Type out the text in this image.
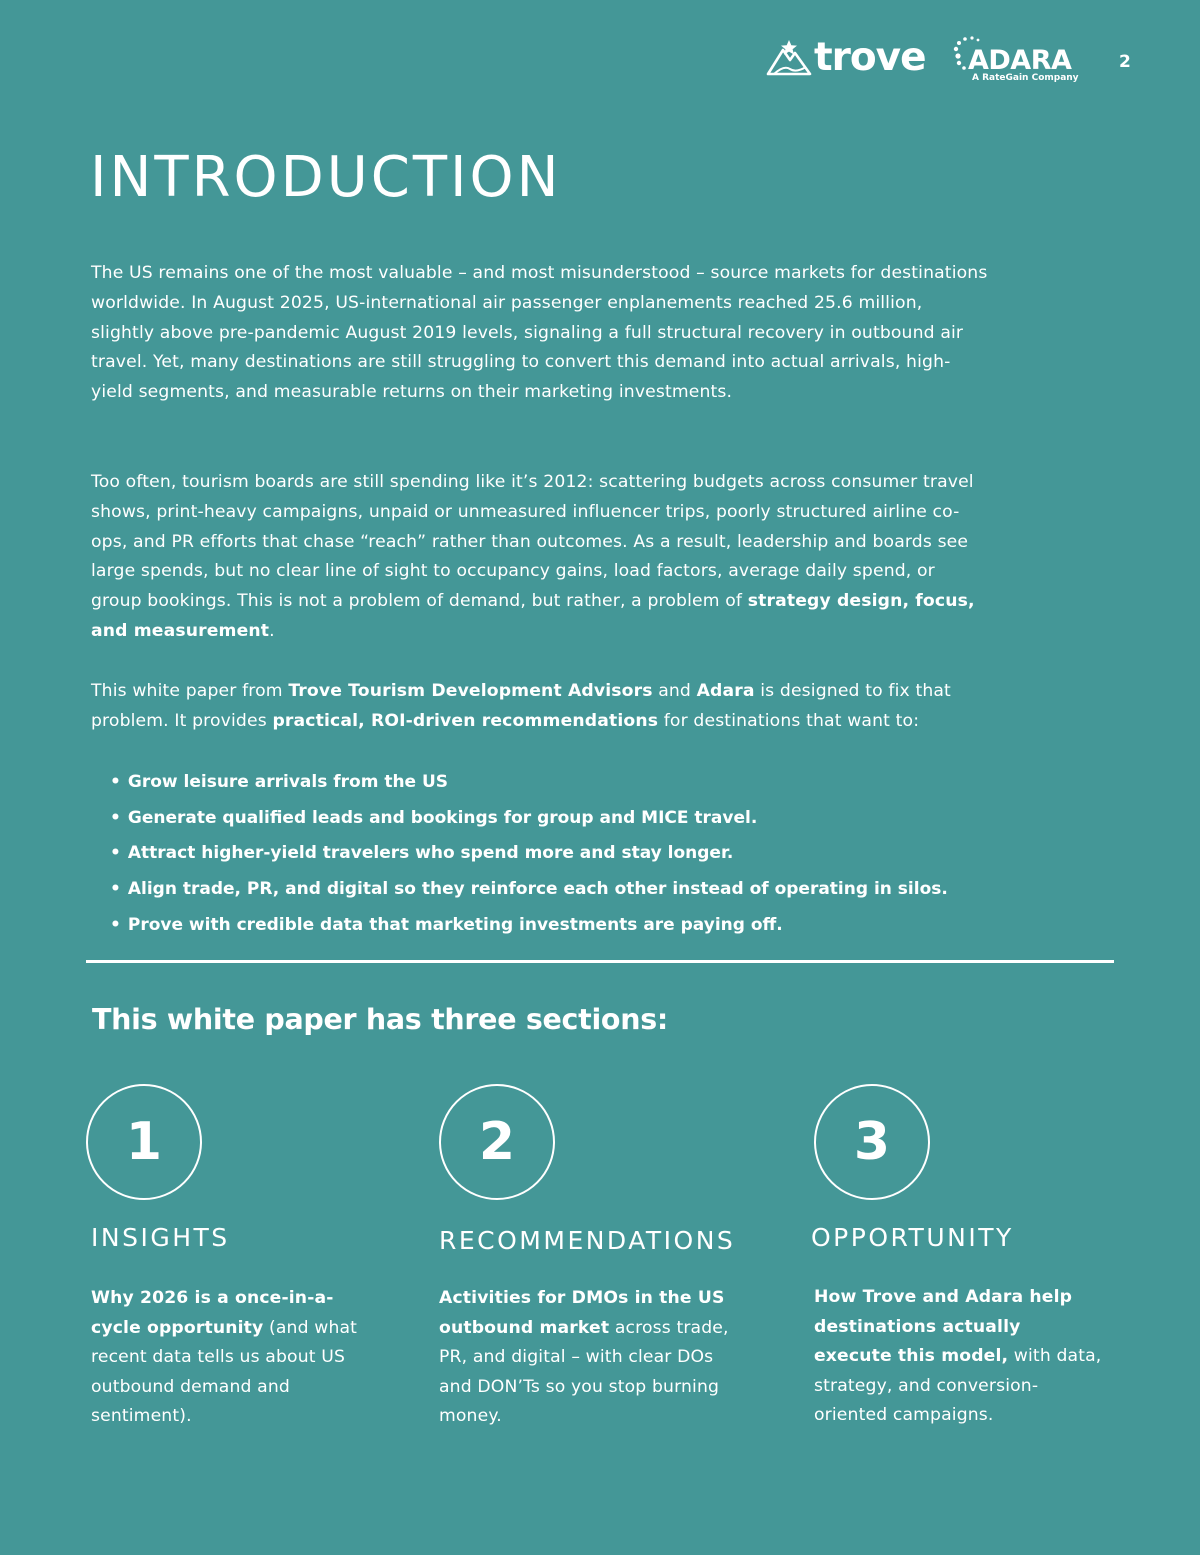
trove ADARA
A RateGain Company
2
INTRODUCTION

The US remains one of the most valuable – and most misunderstood – source markets for destinations worldwide. In August 2025, US-international air passenger enplanements reached 25.6 million, slightly above pre-pandemic August 2019 levels, signaling a full structural recovery in outbound air travel. Yet, many destinations are still struggling to convert this demand into actual arrivals, high-yield segments, and measurable returns on their marketing investments.

Too often, tourism boards are still spending like it’s 2012: scattering budgets across consumer travel shows, print-heavy campaigns, unpaid or unmeasured influencer trips, poorly structured airline co-ops, and PR efforts that chase “reach” rather than outcomes. As a result, leadership and boards see large spends, but no clear line of sight to occupancy gains, load factors, average daily spend, or group bookings. This is not a problem of demand, but rather, a problem of strategy design, focus, and measurement.

This white paper from Trove Tourism Development Advisors and Adara is designed to fix that problem. It provides practical, ROI-driven recommendations for destinations that want to:

• Grow leisure arrivals from the US
• Generate qualified leads and bookings for group and MICE travel.
• Attract higher-yield travelers who spend more and stay longer.
• Align trade, PR, and digital so they reinforce each other instead of operating in silos.
• Prove with credible data that marketing investments are paying off.
This white paper has three sections:
1
INSIGHTS

Why 2026 is a once-in-a-cycle opportunity (and what recent data tells us about US outbound demand and sentiment).

2
RECOMMENDATIONS

Activities for DMOs in the US outbound market across trade, PR, and digital – with clear DOs and DON’Ts so you stop burning money.

3
OPPORTUNITY

How Trove and Adara help destinations actually execute this model, with data, strategy, and conversion-oriented campaigns.
